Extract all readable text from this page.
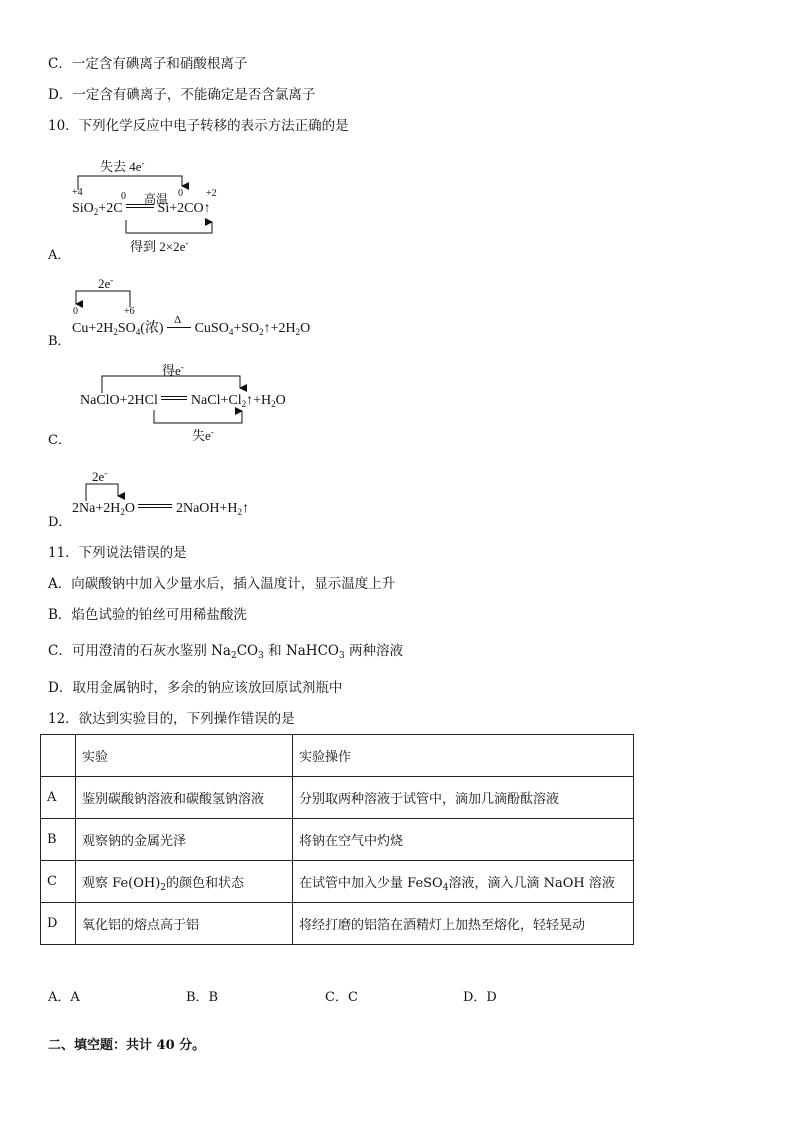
C．一定含有碘离子和硝酸根离子
D．一定含有碘离子，不能确定是否含氯离子
10．下列化学反应中电子转移的表示方法正确的是
失去 4e-
+4	0	0 +2
高温
SiO$_2$+2C	Si+2CO↑
得到 2×2e-
A．
2e-
0	+6
$Cu+2H_2SO_4$(浓)
Δ
$CuSO_4+SO_2↑+2H_2O$
B．
得e-
NaClO+2HCl $NaCl+Cl_2↑+H_2O$
失e-
C．
2e-
$2Na+2H_2O$	$2NaOH+H_2↑$
D．
11．下列说法错误的是
A．向碳酸钠中加入少量水后，插入温度计，显示温度上升
B．焰色试验的铂丝可用稀盐酸洗
C．可用澄清的石灰水鉴别 $Na_2CO_3$ 和 NaHCO$_3$ 两种溶液
D．取用金属钠时，多余的钠应该放回原试剂瓶中
12．欲达到实验目的，下列操作错误的是
	实验	实验操作
A	鉴别碳酸钠溶液和碳酸氢钠溶液	分别取两种溶液于试管中，滴加几滴酚酞溶液
B	观察钠的金属光泽	将钠在空气中灼烧
C	观察 $Fe(OH)_2$的颜色和状态	在试管中加入少量 FeSO$_4$溶液，滴入几滴 NaOH 溶液
D	氧化铝的熔点高于铝	将经打磨的铝箔在酒精灯上加热至熔化，轻轻晃动
A．A	B．B	C．C	D．D
二、填空题：共计 40 分。
